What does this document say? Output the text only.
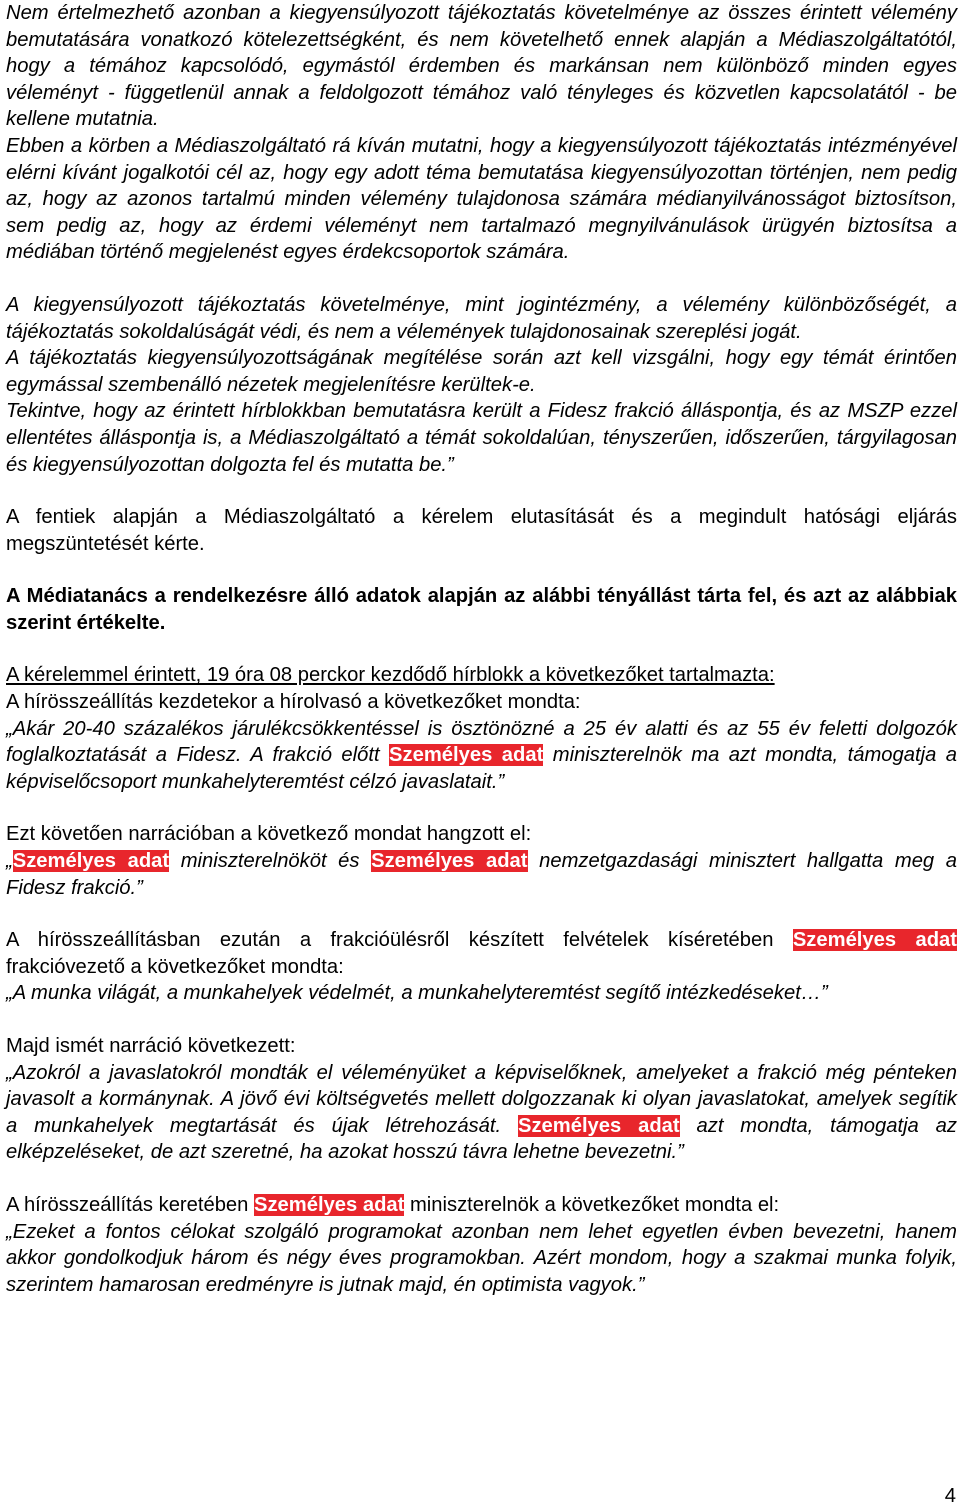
Nem értelmezhető azonban a kiegyensúlyozott tájékoztatás követelménye az összes érintett vélemény bemutatására vonatkozó kötelezettségként, és nem követelhető ennek alapján a Médiaszolgáltatótól, hogy a témához kapcsolódó, egymástól érdemben és markánsan nem különböző minden egyes véleményt - függetlenül annak a feldolgozott témához való tényleges és közvetlen kapcsolatától - be kellene mutatnia.

Ebben a körben a Médiaszolgáltató rá kíván mutatni, hogy a kiegyensúlyozott tájékoztatás intézményével elérni kívánt jogalkotói cél az, hogy egy adott téma bemutatása kiegyensúlyozottan történjen, nem pedig az, hogy az azonos tartalmú minden vélemény tulajdonosa számára médianyilvánosságot biztosítson, sem pedig az, hogy az érdemi véleményt nem tartalmazó megnyilvánulások ürügyén biztosítsa a médiában történő megjelenést egyes érdekcsoportok számára.

A kiegyensúlyozott tájékoztatás követelménye, mint jogintézmény, a vélemény különbözőségét, a tájékoztatás sokoldalúságát védi, és nem a vélemények tulajdonosainak szereplési jogát.

A tájékoztatás kiegyensúlyozottságának megítélése során azt kell vizsgálni, hogy egy témát érintően egymással szembenálló nézetek megjelenítésre kerültek-e.

Tekintve, hogy az érintett hírblokkban bemutatásra került a Fidesz frakció álláspontja, és az MSZP ezzel ellentétes álláspontja is, a Médiaszolgáltató a témát sokoldalúan, tényszerűen, időszerűen, tárgyilagosan és kiegyensúlyozottan dolgozta fel és mutatta be.”

A fentiek alapján a Médiaszolgáltató a kérelem elutasítását és a megindult hatósági eljárás megszüntetését kérte.

A Médiatanács a rendelkezésre álló adatok alapján az alábbi tényállást tárta fel, és azt az alábbiak szerint értékelte.

A kérelemmel érintett, 19 óra 08 perckor kezdődő hírblokk a következőket tartalmazta:

A hírösszeállítás kezdetekor a hírolvasó a következőket mondta:

„Akár 20-40 százalékos járulékcsökkentéssel is ösztönözné a 25 év alatti és az 55 év feletti dolgozók foglalkoztatását a Fidesz. A frakció előtt Személyes adat miniszterelnök ma azt mondta, támogatja a képviselőcsoport munkahelyteremtést célzó javaslatait.”

Ezt követően narrációban a következő mondat hangzott el:

„Személyes adat miniszterelnököt és Személyes adat nemzetgazdasági minisztert hallgatta meg a Fidesz frakció.”

A hírösszeállításban ezután a frakcióülésről készített felvételek kíséretében Személyes adat frakcióvezető a következőket mondta:

„A munka világát, a munkahelyek védelmét, a munkahelyteremtést segítő intézkedéseket…”

Majd ismét narráció következett:

„Azokról a javaslatokról mondták el véleményüket a képviselőknek, amelyeket a frakció még pénteken javasolt a kormánynak. A jövő évi költségvetés mellett dolgozzanak ki olyan javaslatokat, amelyek segítik a munkahelyek megtartását és újak létrehozását. Személyes adat azt mondta, támogatja az elképzeléseket, de azt szeretné, ha azokat hosszú távra lehetne bevezetni.”

A hírösszeállítás keretében Személyes adat miniszterelnök a következőket mondta el:

„Ezeket a fontos célokat szolgáló programokat azonban nem lehet egyetlen évben bevezetni, hanem akkor gondolkodjuk három és négy éves programokban. Azért mondom, hogy a szakmai munka folyik, szerintem hamarosan eredményre is jutnak majd, én optimista vagyok.”

4
